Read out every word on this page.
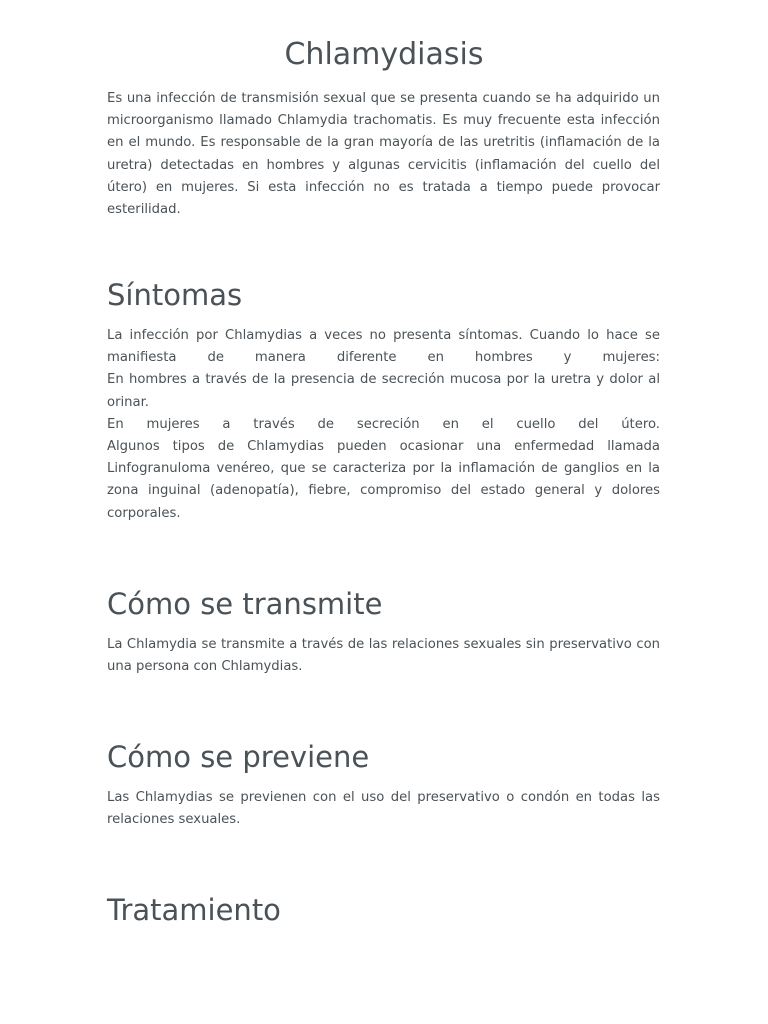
Chlamydiasis

Es una infección de transmisión sexual que se presenta cuando se ha adquirido un microorganismo llamado Chlamydia trachomatis. Es muy frecuente esta infección en el mundo. Es responsable de la gran mayoría de las uretritis (inflamación de la uretra) detectadas en hombres y algunas cervicitis (inflamación del cuello del útero) en mujeres. Si esta infección no es tratada a tiempo puede provocar esterilidad.

Síntomas

La infección por Chlamydias a veces no presenta síntomas. Cuando lo hace se manifiesta de manera diferente en hombres y mujeres:
En hombres a través de la presencia de secreción mucosa por la uretra y dolor al orinar.
En mujeres a través de secreción en el cuello del útero.
Algunos tipos de Chlamydias pueden ocasionar una enfermedad llamada Linfogranuloma venéreo, que se caracteriza por la inflamación de ganglios en la zona inguinal (adenopatía), fiebre, compromiso del estado general y dolores corporales.

Cómo se transmite

La Chlamydia se transmite a través de las relaciones sexuales sin preservativo con una persona con Chlamydias.

Cómo se previene

Las Chlamydias se previenen con el uso del preservativo o condón en todas las relaciones sexuales.

Tratamiento
